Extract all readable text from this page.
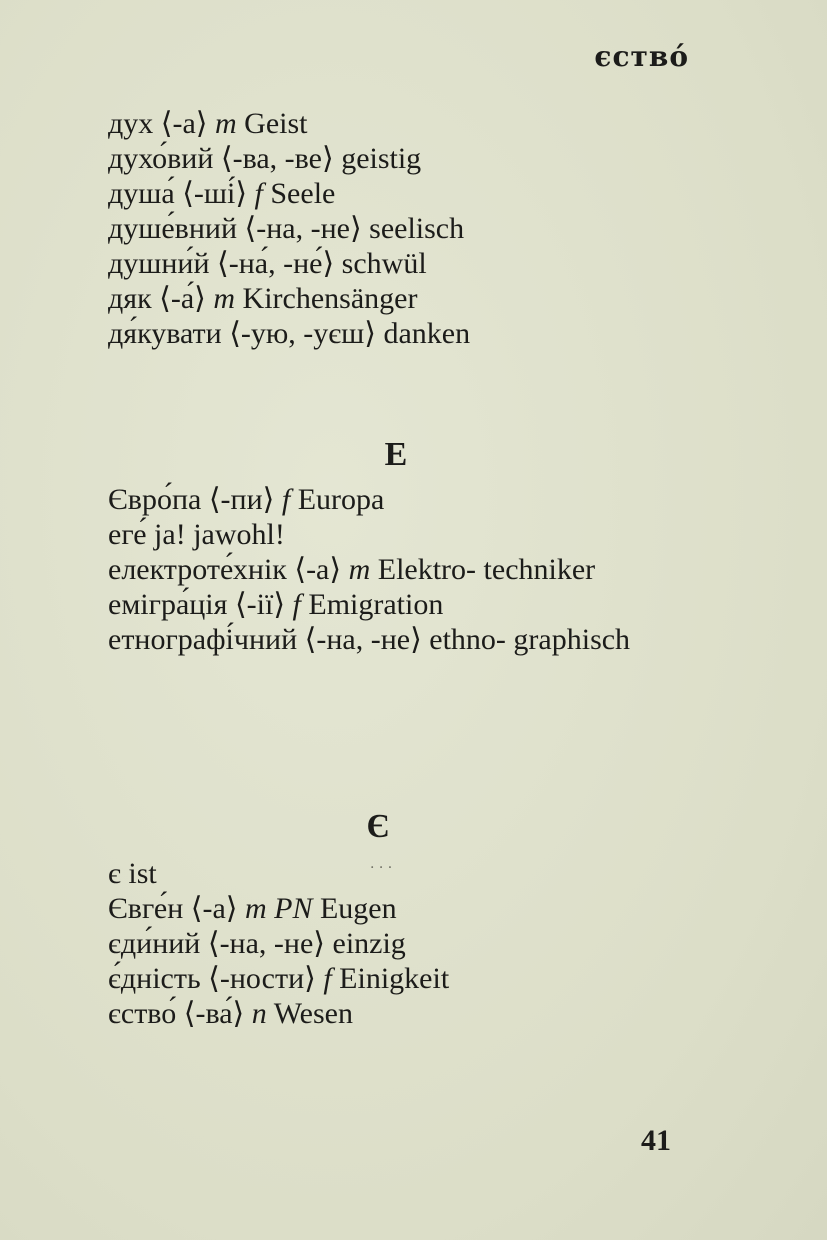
єство́
дух ⟨-а⟩ m Geist
духо́вий ⟨-ва, -ве⟩ geistig
душа́ ⟨-ші́⟩ f Seele
душе́вний ⟨-на, -не⟩ seelisch
душни́й ⟨-на́, -не́⟩ schwül
дяк ⟨-а́⟩ m Kirchensänger
дя́кувати ⟨-ую, -уєш⟩ danken
Е
Євро́па ⟨-пи⟩ f Europa
еге́ ja! jawohl!
електроте́хнік ⟨-а⟩ m Elektro- techniker
емігра́ція ⟨-ії⟩ f Emigration
етнографі́чний ⟨-на, -не⟩ ethno- graphisch
Є
· · ·
є ist
Євге́н ⟨-а⟩ m PN Eugen
єди́ний ⟨-на, -не⟩ einzig
є́дність ⟨-ности⟩ f Einigkeit
єство́ ⟨-ва́⟩ n Wesen
41
